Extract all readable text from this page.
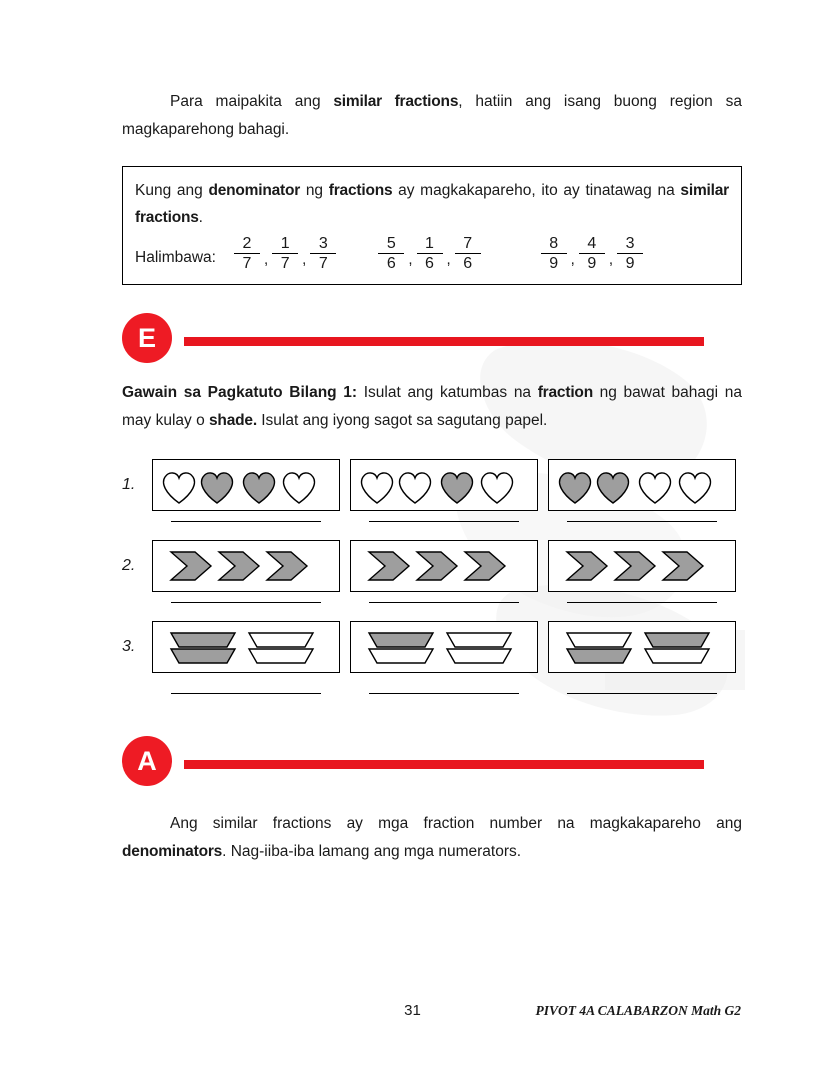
Para maipakita ang similar fractions, hatiin ang isang buong region sa magkaparehong bahagi.

Kung ang denominator ng fractions ay magkakapareho, ito ay tinatawag na similar fractions.

Halimbawa: $\frac{2}{7}$ , $\frac{1}{7}$ , $\frac{3}{7} \frac{5}{6}$ , $\frac{1}{6}$ , $\frac{7}{6}$	$\frac{8}{9}$ , $\frac{4}{9}$ , $\frac{3}{9}$
E
Gawain sa Pagkatuto Bilang 1: Isulat ang katumbas na fraction ng bawat bahagi na may kulay o shade. Isulat ang iyong sagot sa sagutang papel.
1.
2.
3.
A

Ang similar fractions ay mga fraction number na magkakapareho ang denominators. Nag-iiba-iba lamang ang mga numerators.

31	PIVOT 4A CALABARZON Math G2
